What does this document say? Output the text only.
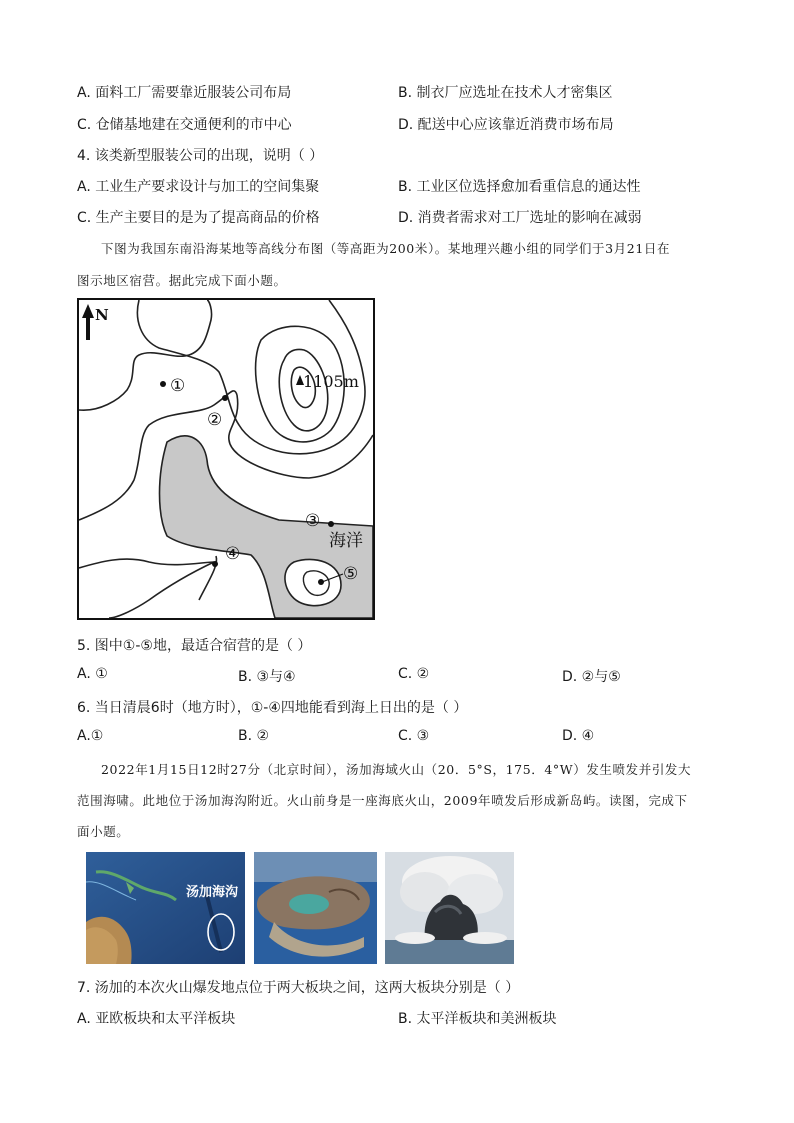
A. 面料工厂需要靠近服装公司布局	B. 制衣厂应选址在技术人才密集区
C. 仓储基地建在交通便利的市中心	D. 配送中心应该靠近消费市场布局
4. 该类新型服装公司的出现，说明（ ）
A. 工业生产要求设计与加工的空间集聚	B. 工业区位选择愈加看重信息的通达性
C. 生产主要目的是为了提高商品的价格	D. 消费者需求对工厂选址的影响在减弱
下图为我国东南沿海某地等高线分布图（等高距为200米）。某地理兴趣小组的同学们于3月21日在
图示地区宿营。据此完成下面小题。
N
1105m
①
②
③
④
⑤
海洋
5. 图中①-⑤地，最适合宿营的是（ ）
A. ①	B. ③与④	C. ②	D. ②与⑤
6. 当日清晨6时（地方时），①-④四地能看到海上日出的是（ ）
A.①	B. ②	C. ③	D. ④
2022年1月15日12时27分（北京时间），汤加海域火山（20．5°S，175．4°W）发生喷发并引发大
范围海啸。此地位于汤加海沟附近。火山前身是一座海底火山，2009年喷发后形成新岛屿。读图，完成下
面小题。
汤加海沟
7. 汤加的本次火山爆发地点位于两大板块之间，这两大板块分别是（ ）
A. 亚欧板块和太平洋板块	B. 太平洋板块和美洲板块
